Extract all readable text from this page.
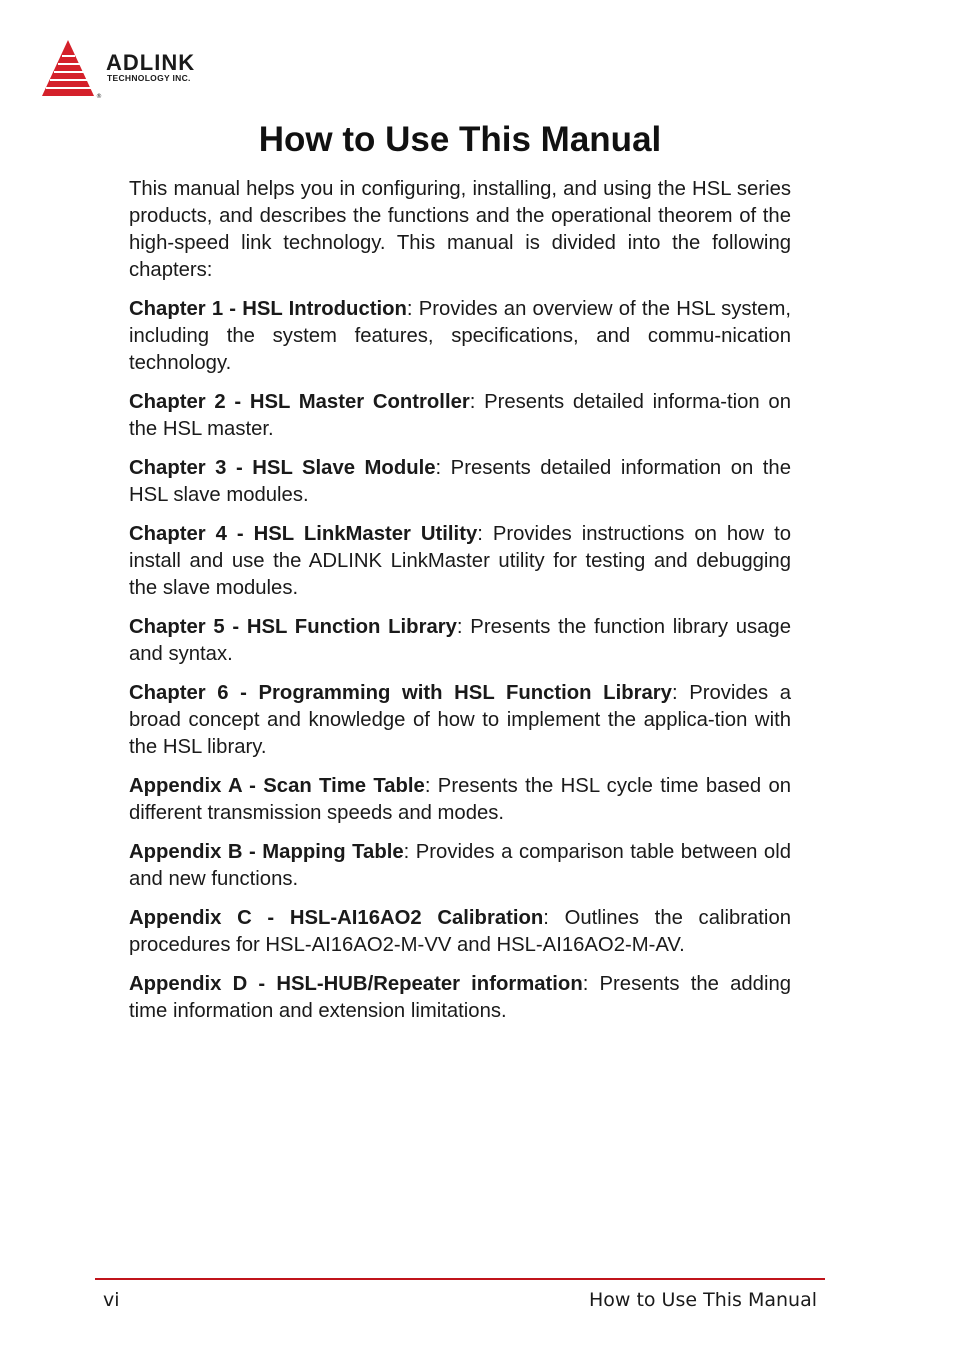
ADLINK
TECHNOLOGY INC.
®
How to Use This Manual

This manual helps you in configuring, installing, and using the HSL series products, and describes the functions and the operational theorem of the high-speed link technology. This manual is divided into the following chapters:

Chapter 1 - HSL Introduction: Provides an overview of the HSL system, including the system features, specifications, and commu-nication technology.

Chapter 2 - HSL Master Controller: Presents detailed informa-tion on the HSL master.

Chapter 3 - HSL Slave Module: Presents detailed information on the HSL slave modules.

Chapter 4 - HSL LinkMaster Utility: Provides instructions on how to install and use the ADLINK LinkMaster utility for testing and debugging the slave modules.

Chapter 5 - HSL Function Library: Presents the function library usage and syntax.

Chapter 6 - Programming with HSL Function Library: Provides a broad concept and knowledge of how to implement the applica-tion with the HSL library.

Appendix A - Scan Time Table: Presents the HSL cycle time based on different transmission speeds and modes.

Appendix B - Mapping Table: Provides a comparison table between old and new functions.

Appendix C - HSL-AI16AO2 Calibration: Outlines the calibration procedures for HSL-AI16AO2-M-VV and HSL-AI16AO2-M-AV.

Appendix D - HSL-HUB/Repeater information: Presents the adding time information and extension limitations.

vi	How to Use This Manual
